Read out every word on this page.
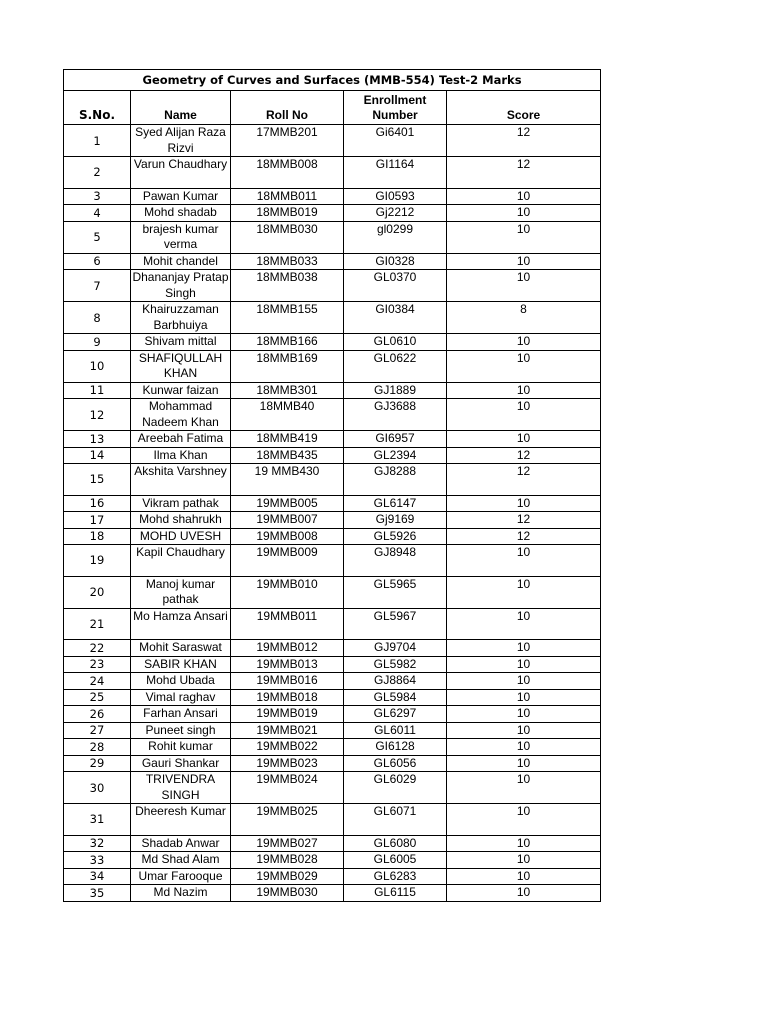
Geometry of Curves and Surfaces (MMB-554) Test-2 Marks				
S.No.	Name	Roll No	Enrollment Number	Score
1	Syed Alijan Raza Rizvi	17MMB201	Gi6401	12
2	Varun Chaudhary	18MMB008	GI1164	12
3	Pawan Kumar	18MMB011	GI0593	10
4	Mohd shadab	18MMB019	Gj2212	10
5	brajesh kumar verma	18MMB030	gl0299	10
6	Mohit chandel	18MMB033	GI0328	10
7	Dhananjay Pratap Singh	18MMB038	GL0370	10
8	Khairuzzaman Barbhuiya	18MMB155	GI0384	8
9	Shivam mittal	18MMB166	GL0610	10
10	SHAFIQULLAH KHAN	18MMB169	GL0622	10
11	Kunwar faizan	18MMB301	GJ1889	10
12	Mohammad Nadeem Khan	18MMB40	GJ3688	10
13	Areebah Fatima	18MMB419	GI6957	10
14	Ilma Khan	18MMB435	GL2394	12
15	Akshita Varshney	19 MMB430	GJ8288	12
16	Vikram pathak	19MMB005	GL6147	10
17	Mohd shahrukh	19MMB007	Gj9169	12
18	MOHD UVESH	19MMB008	GL5926	12
19	Kapil Chaudhary	19MMB009	GJ8948	10
20	Manoj kumar pathak	19MMB010	GL5965	10
21	Mo Hamza Ansari	19MMB011	GL5967	10
22	Mohit Saraswat	19MMB012	GJ9704	10
23	SABIR KHAN	19MMB013	GL5982	10
24	Mohd Ubada	19MMB016	GJ8864	10
25	Vimal raghav	19MMB018	GL5984	10
26	Farhan Ansari	19MMB019	GL6297	10
27	Puneet singh	19MMB021	GL6011	10
28	Rohit kumar	19MMB022	GI6128	10
29	Gauri Shankar	19MMB023	GL6056	10
30	TRIVENDRA SINGH	19MMB024	GL6029	10
31	Dheeresh Kumar	19MMB025	GL6071	10
32	Shadab Anwar	19MMB027	GL6080	10
33	Md Shad Alam	19MMB028	GL6005	10
34	Umar Farooque	19MMB029	GL6283	10
35	Md Nazim	19MMB030	GL6115	10
